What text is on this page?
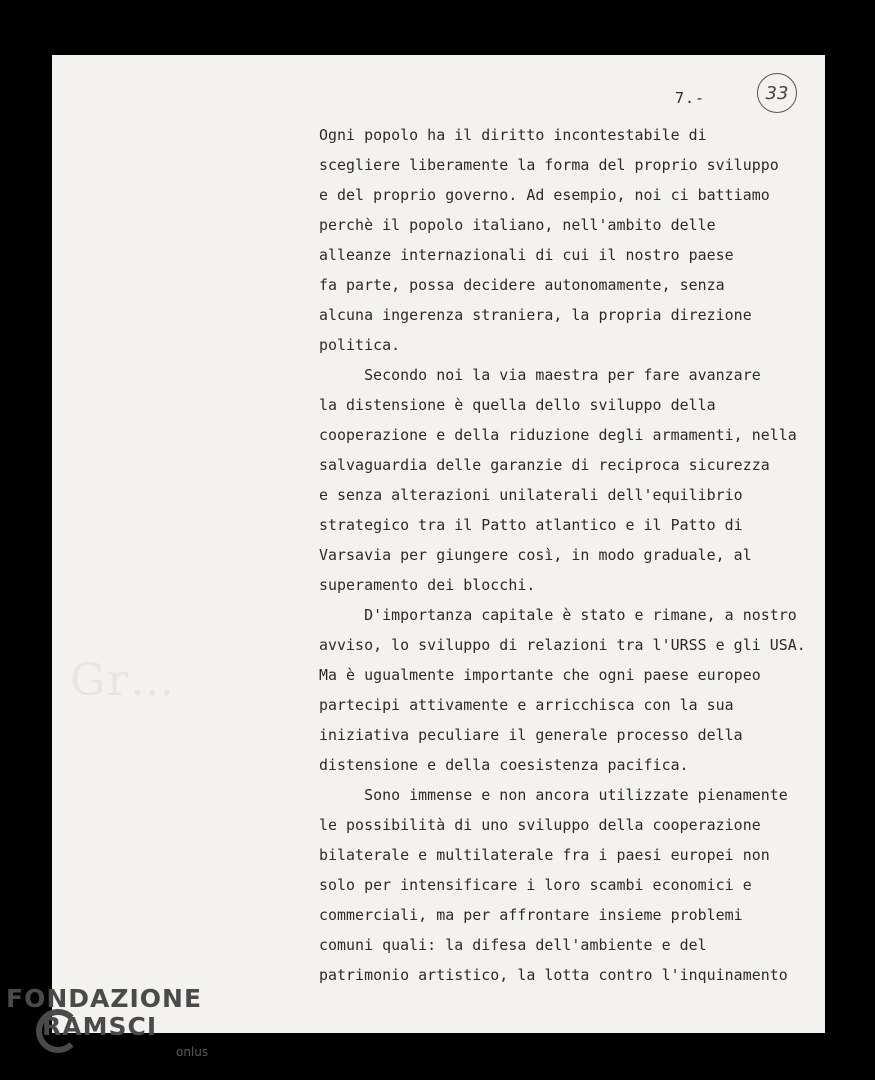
Gr…
7.-	33
Ogni popolo ha il diritto incontestabile di
scegliere liberamente la forma del proprio sviluppo
e del proprio governo. Ad esempio, noi ci battiamo
perchè il popolo italiano, nell'ambito delle
alleanze internazionali di cui il nostro paese
fa parte, possa decidere autonomamente, senza
alcuna ingerenza straniera, la propria direzione
politica.
Secondo noi la via maestra per fare avanzare
la distensione è quella dello sviluppo della
cooperazione e della riduzione degli armamenti, nella
salvaguardia delle garanzie di reciproca sicurezza
e senza alterazioni unilaterali dell'equilibrio
strategico tra il Patto atlantico e il Patto di
Varsavia per giungere così, in modo graduale, al
superamento dei blocchi.
D'importanza capitale è stato e rimane, a nostro
avviso, lo sviluppo di relazioni tra l'URSS e gli USA.
Ma è ugualmente importante che ogni paese europeo
partecipi attivamente e arricchisca con la sua
iniziativa peculiare il generale processo della
distensione e della coesistenza pacifica.
Sono immense e non ancora utilizzate pienamente
le possibilità di uno sviluppo della cooperazione
bilaterale e multilaterale fra i paesi europei non
solo per intensificare i loro scambi economici e
commerciali, ma per affrontare insieme problemi
comuni quali: la difesa dell'ambiente e del
patrimonio artistico, la lotta contro l'inquinamento
FONDAZIONE
RAMSCI
onlus
